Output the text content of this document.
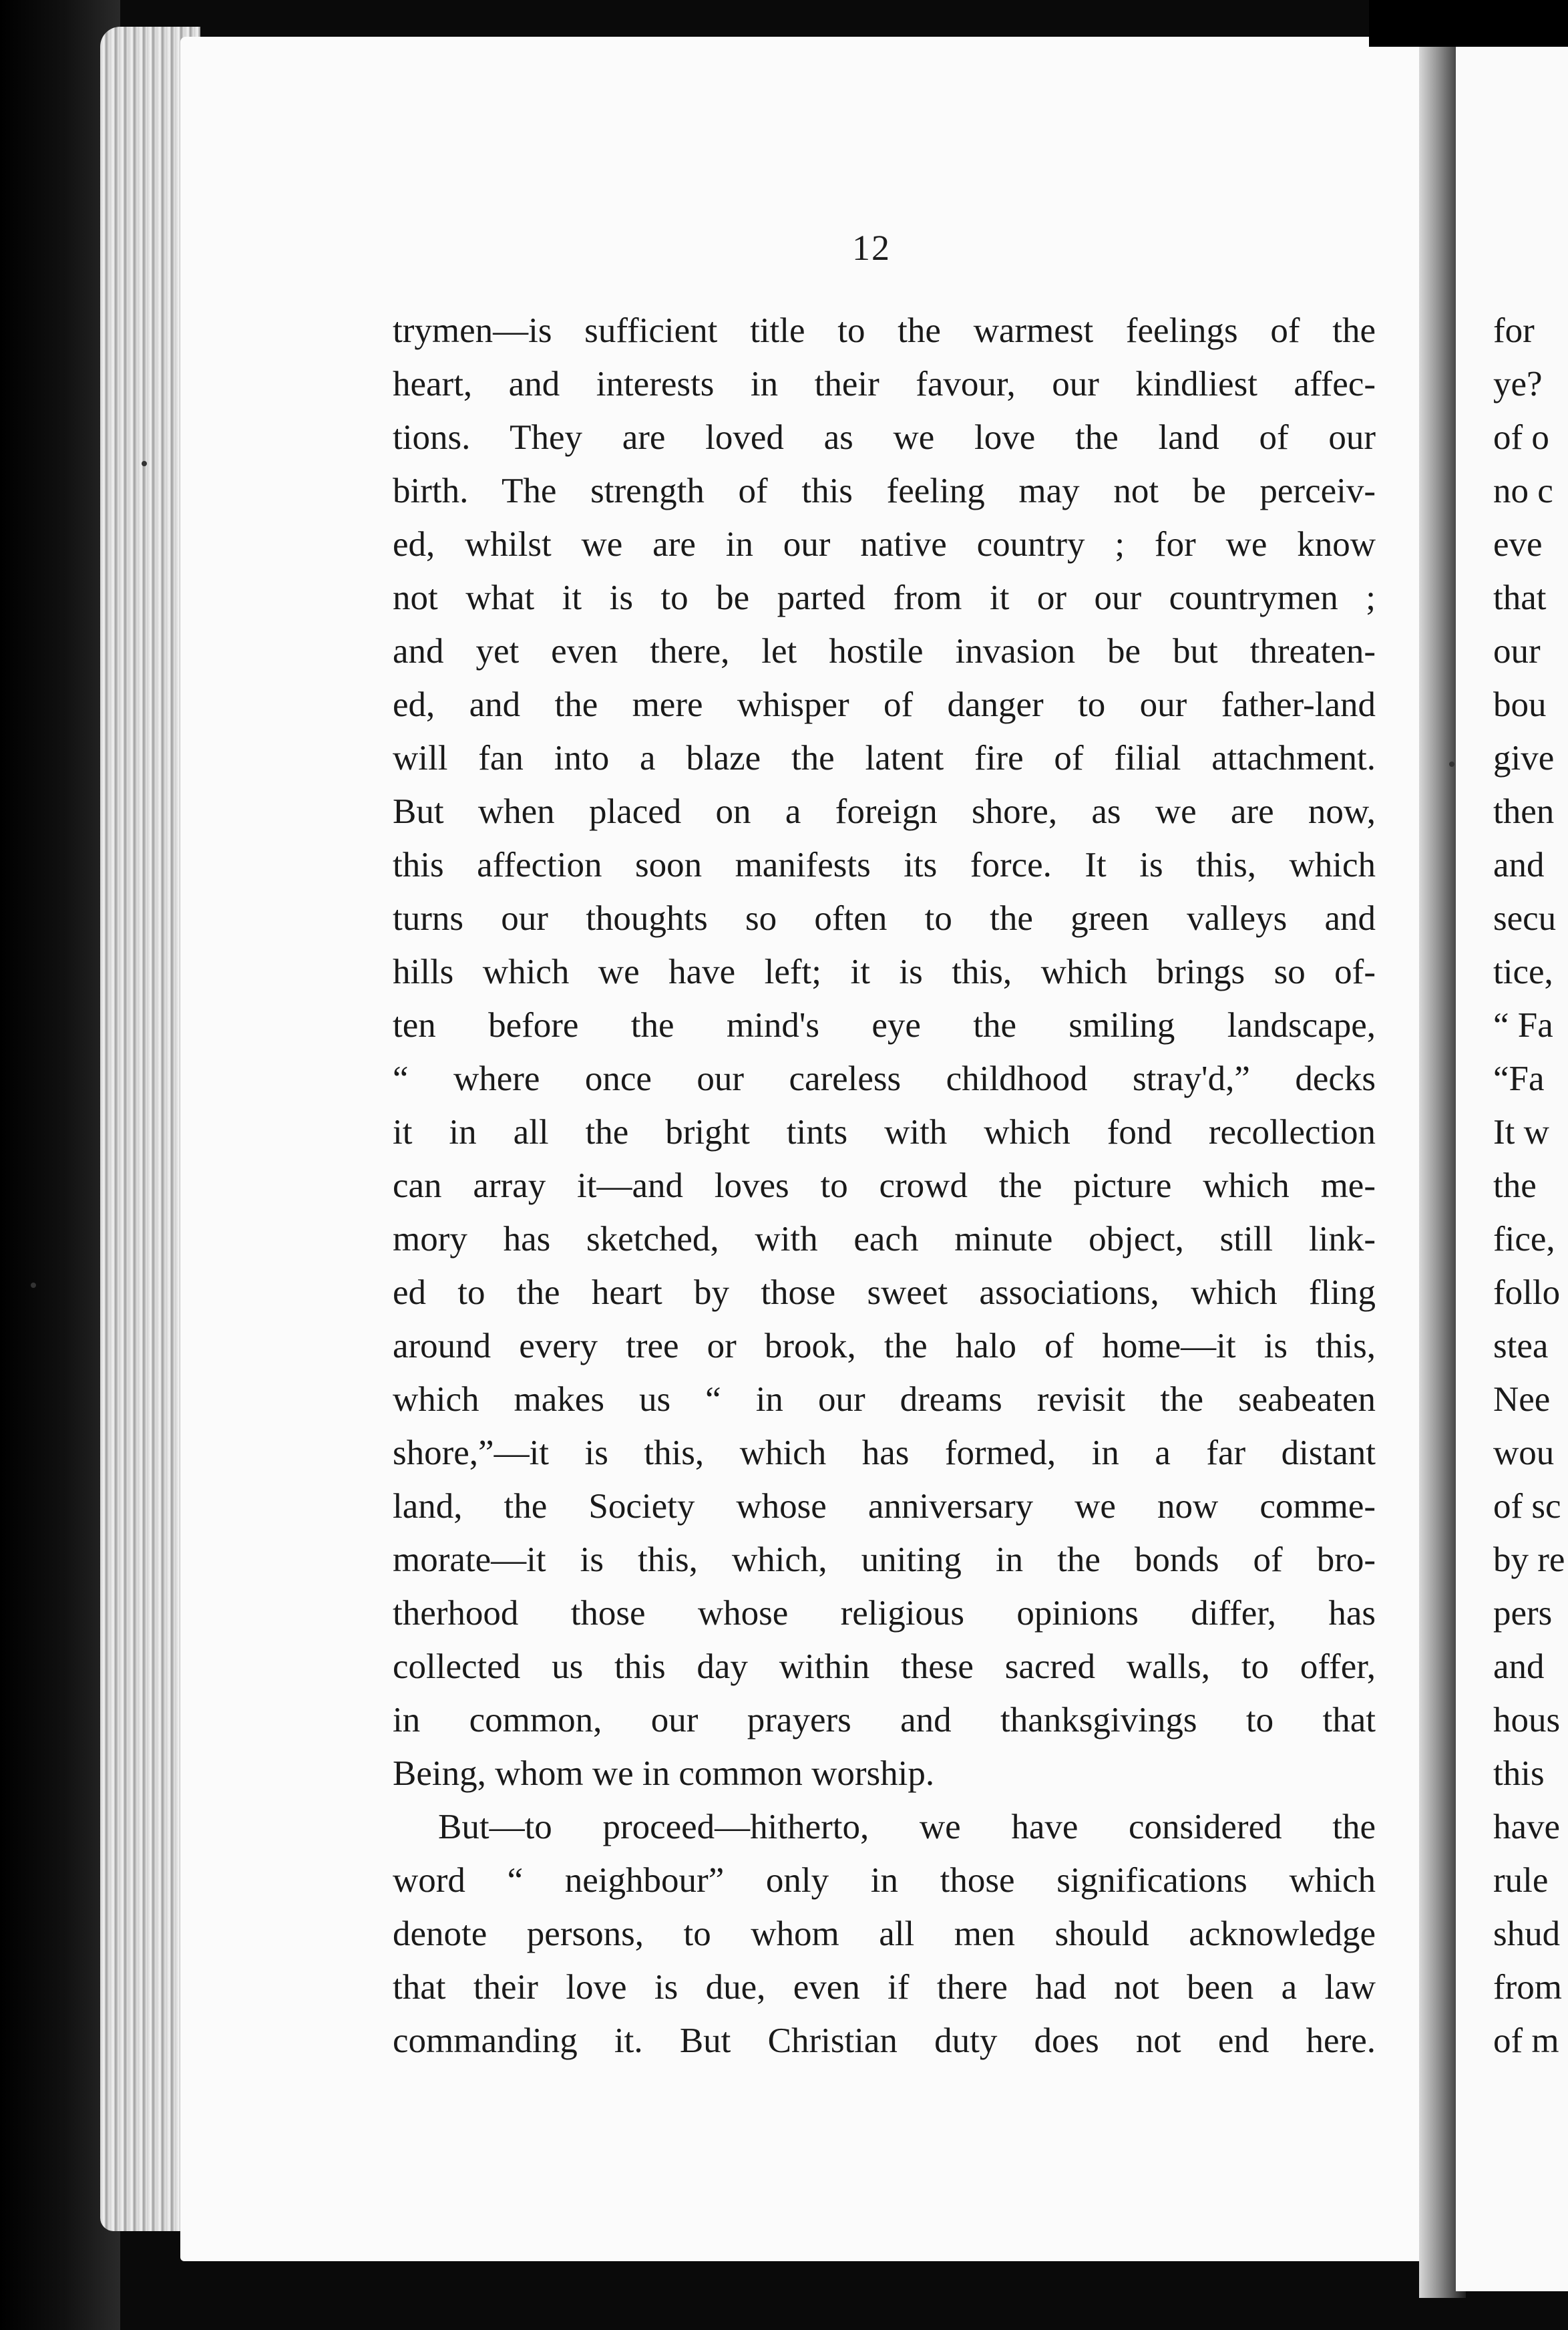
12
trymen—is sufficient title to the warmest feelings of the
heart, and interests in their favour, our kindliest affec-
tions. They are loved as we love the land of our
birth. The strength of this feeling may not be perceiv-
ed, whilst we are in our native country ; for we know
not what it is to be parted from it or our countrymen ;
and yet even there, let hostile invasion be but threaten-
ed, and the mere whisper of danger to our father-land
will fan into a blaze the latent fire of filial attachment.
But when placed on a foreign shore, as we are now,
this affection soon manifests its force. It is this, which
turns our thoughts so often to the green valleys and
hills which we have left; it is this, which brings so of-
ten before the mind's eye the smiling landscape,
“ where once our careless childhood stray'd,” decks
it in all the bright tints with which fond recollection
can array it—and loves to crowd the picture which me-
mory has sketched, with each minute object, still link-
ed to the heart by those sweet associations, which fling
around every tree or brook, the halo of home—it is this,
which makes us “ in our dreams revisit the seabeaten
shore,”—it is this, which has formed, in a far distant
land, the Society whose anniversary we now comme-
morate—it is this, which, uniting in the bonds of bro-
therhood those whose religious opinions differ, has
collected us this day within these sacred walls, to offer,
in common, our prayers and thanksgivings to that
Being, whom we in common worship.
But—to proceed—hitherto, we have considered the
word “ neighbour” only in those significations which
denote persons, to whom all men should acknowledge
that their love is due, even if there had not been a law
commanding it. But Christian duty does not end here.
for
ye?
of o
no c
eve
that
our
bou
give
then
and
secu
tice,
“ Fa
“Fa
It w
the
fice,
follo
stea
Nee
wou
of sc
by re
pers
and
hous
this
have
rule
shud
from
of m
